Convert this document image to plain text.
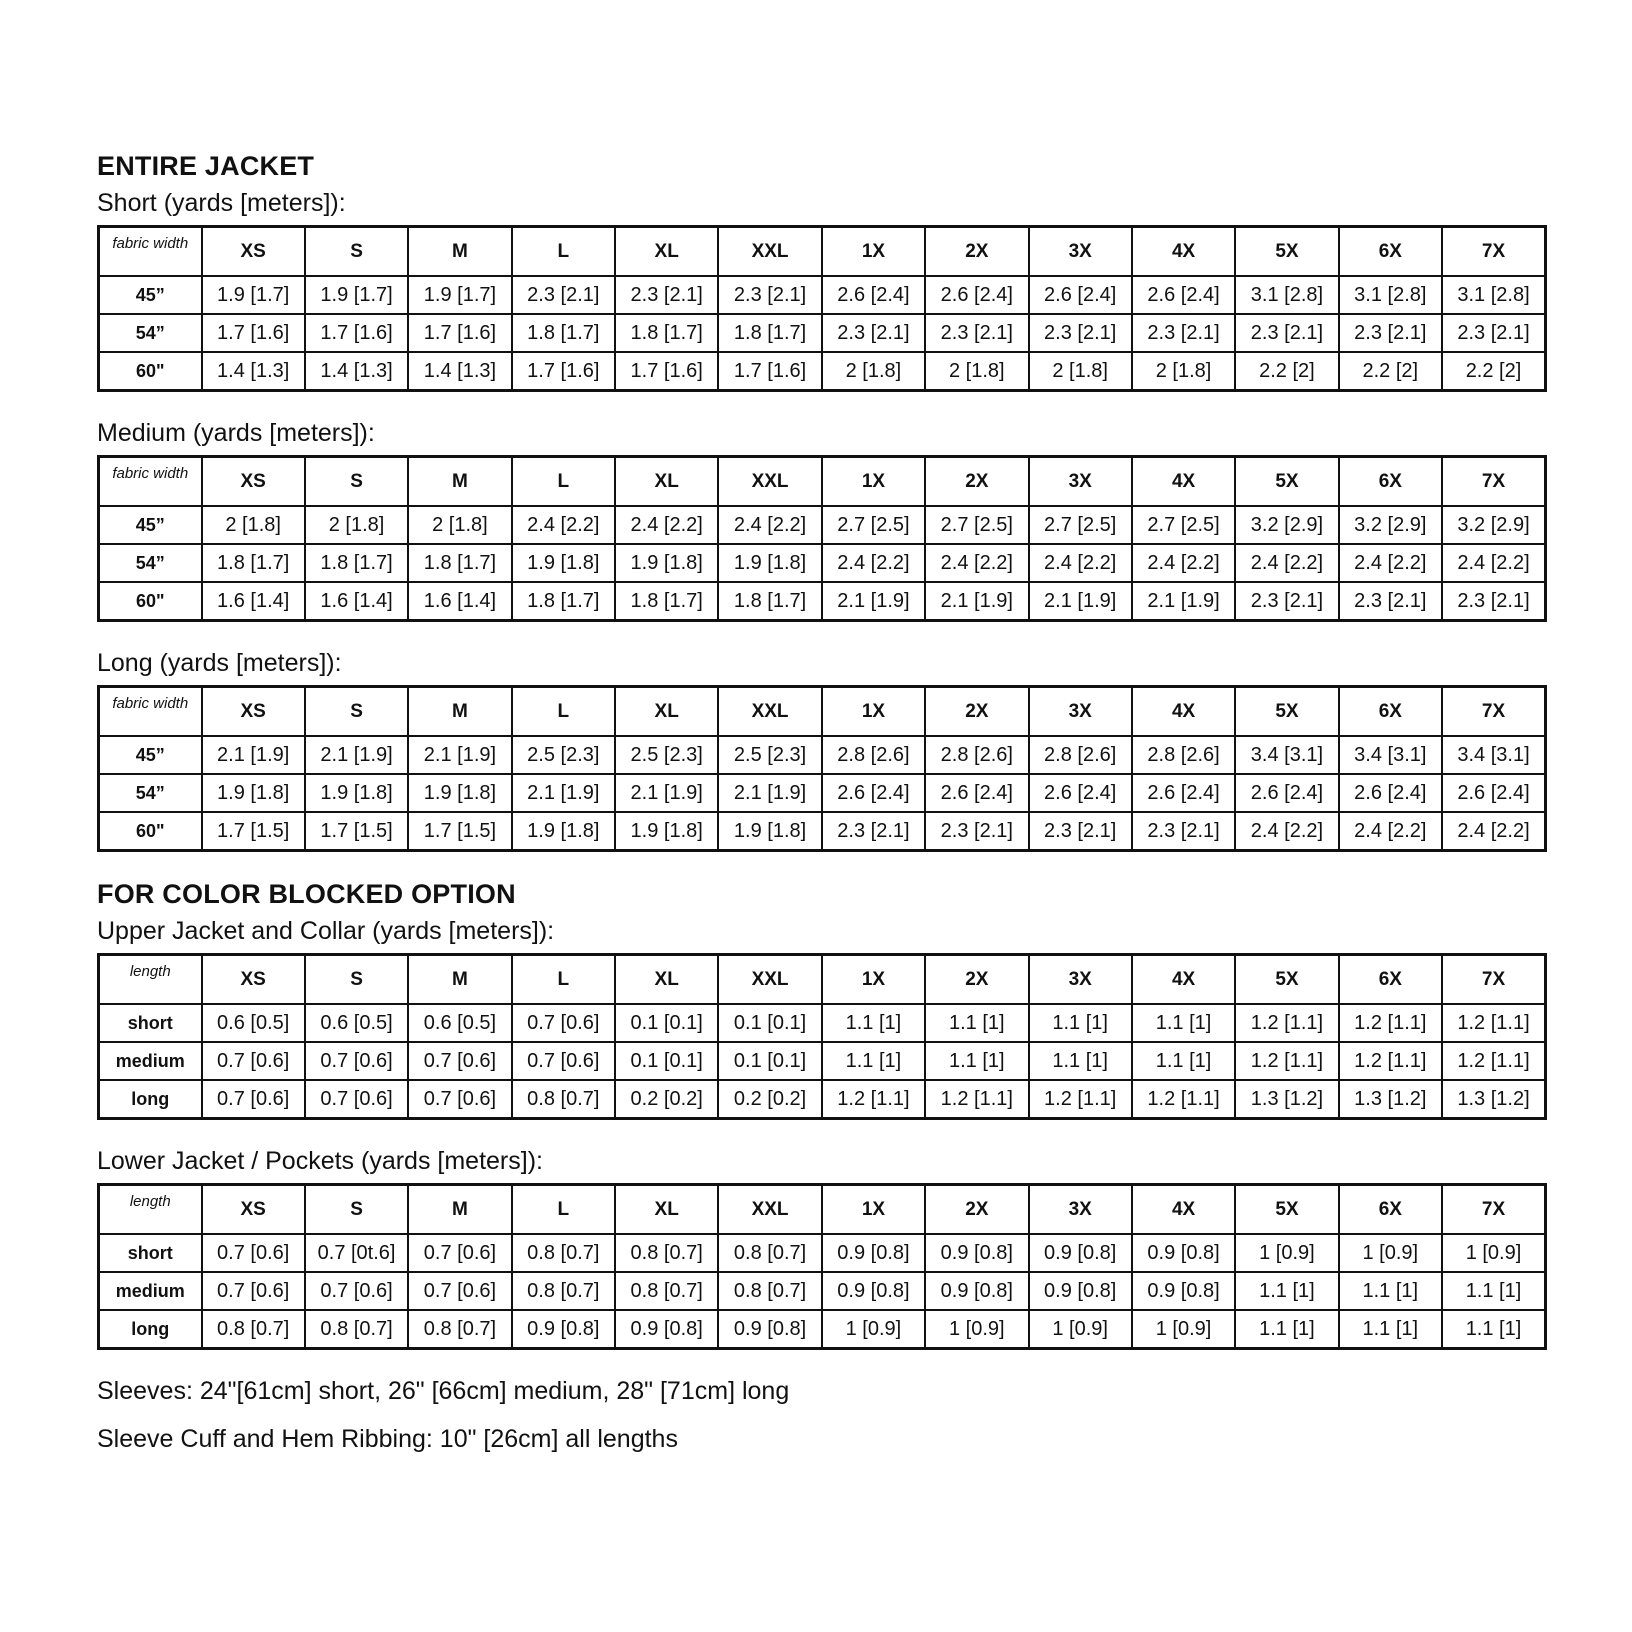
ENTIRE JACKET
Short (yards [meters]):
fabric width	XS	S	M	L	XL	XXL	1X	2X	3X	4X	5X	6X	7X
45”	1.9 [1.7]	1.9 [1.7]	1.9 [1.7]	2.3 [2.1]	2.3 [2.1]	2.3 [2.1]	2.6 [2.4]	2.6 [2.4]	2.6 [2.4]	2.6 [2.4]	3.1 [2.8]	3.1 [2.8]	3.1 [2.8]
54”	1.7 [1.6]	1.7 [1.6]	1.7 [1.6]	1.8 [1.7]	1.8 [1.7]	1.8 [1.7]	2.3 [2.1]	2.3 [2.1]	2.3 [2.1]	2.3 [2.1]	2.3 [2.1]	2.3 [2.1]	2.3 [2.1]
60"	1.4 [1.3]	1.4 [1.3]	1.4 [1.3]	1.7 [1.6]	1.7 [1.6]	1.7 [1.6]	2 [1.8]	2 [1.8]	2 [1.8]	2 [1.8]	2.2 [2]	2.2 [2]	2.2 [2]
Medium (yards [meters]):
fabric width	XS	S	M	L	XL	XXL	1X	2X	3X	4X	5X	6X	7X
45”	2 [1.8]	2 [1.8]	2 [1.8]	2.4 [2.2]	2.4 [2.2]	2.4 [2.2]	2.7 [2.5]	2.7 [2.5]	2.7 [2.5]	2.7 [2.5]	3.2 [2.9]	3.2 [2.9]	3.2 [2.9]
54”	1.8 [1.7]	1.8 [1.7]	1.8 [1.7]	1.9 [1.8]	1.9 [1.8]	1.9 [1.8]	2.4 [2.2]	2.4 [2.2]	2.4 [2.2]	2.4 [2.2]	2.4 [2.2]	2.4 [2.2]	2.4 [2.2]
60"	1.6 [1.4]	1.6 [1.4]	1.6 [1.4]	1.8 [1.7]	1.8 [1.7]	1.8 [1.7]	2.1 [1.9]	2.1 [1.9]	2.1 [1.9]	2.1 [1.9]	2.3 [2.1]	2.3 [2.1]	2.3 [2.1]
Long (yards [meters]):
fabric width	XS	S	M	L	XL	XXL	1X	2X	3X	4X	5X	6X	7X
45”	2.1 [1.9]	2.1 [1.9]	2.1 [1.9]	2.5 [2.3]	2.5 [2.3]	2.5 [2.3]	2.8 [2.6]	2.8 [2.6]	2.8 [2.6]	2.8 [2.6]	3.4 [3.1]	3.4 [3.1]	3.4 [3.1]
54”	1.9 [1.8]	1.9 [1.8]	1.9 [1.8]	2.1 [1.9]	2.1 [1.9]	2.1 [1.9]	2.6 [2.4]	2.6 [2.4]	2.6 [2.4]	2.6 [2.4]	2.6 [2.4]	2.6 [2.4]	2.6 [2.4]
60"	1.7 [1.5]	1.7 [1.5]	1.7 [1.5]	1.9 [1.8]	1.9 [1.8]	1.9 [1.8]	2.3 [2.1]	2.3 [2.1]	2.3 [2.1]	2.3 [2.1]	2.4 [2.2]	2.4 [2.2]	2.4 [2.2]
FOR COLOR BLOCKED OPTION
Upper Jacket and Collar (yards [meters]):
length	XS	S	M	L	XL	XXL	1X	2X	3X	4X	5X	6X	7X
short	0.6 [0.5]	0.6 [0.5]	0.6 [0.5]	0.7 [0.6]	0.1 [0.1]	0.1 [0.1]	1.1 [1]	1.1 [1]	1.1 [1]	1.1 [1]	1.2 [1.1]	1.2 [1.1]	1.2 [1.1]
medium	0.7 [0.6]	0.7 [0.6]	0.7 [0.6]	0.7 [0.6]	0.1 [0.1]	0.1 [0.1]	1.1 [1]	1.1 [1]	1.1 [1]	1.1 [1]	1.2 [1.1]	1.2 [1.1]	1.2 [1.1]
long	0.7 [0.6]	0.7 [0.6]	0.7 [0.6]	0.8 [0.7]	0.2 [0.2]	0.2 [0.2]	1.2 [1.1]	1.2 [1.1]	1.2 [1.1]	1.2 [1.1]	1.3 [1.2]	1.3 [1.2]	1.3 [1.2]
Lower Jacket / Pockets (yards [meters]):
length	XS	S	M	L	XL	XXL	1X	2X	3X	4X	5X	6X	7X
short	0.7 [0.6]	0.7 [0t.6]	0.7 [0.6]	0.8 [0.7]	0.8 [0.7]	0.8 [0.7]	0.9 [0.8]	0.9 [0.8]	0.9 [0.8]	0.9 [0.8]	1 [0.9]	1 [0.9]	1 [0.9]
medium	0.7 [0.6]	0.7 [0.6]	0.7 [0.6]	0.8 [0.7]	0.8 [0.7]	0.8 [0.7]	0.9 [0.8]	0.9 [0.8]	0.9 [0.8]	0.9 [0.8]	1.1 [1]	1.1 [1]	1.1 [1]
long	0.8 [0.7]	0.8 [0.7]	0.8 [0.7]	0.9 [0.8]	0.9 [0.8]	0.9 [0.8]	1 [0.9]	1 [0.9]	1 [0.9]	1 [0.9]	1.1 [1]	1.1 [1]	1.1 [1]

Sleeves: 24"[61cm] short, 26" [66cm] medium, 28" [71cm] long

Sleeve Cuff and Hem Ribbing: 10" [26cm] all lengths
